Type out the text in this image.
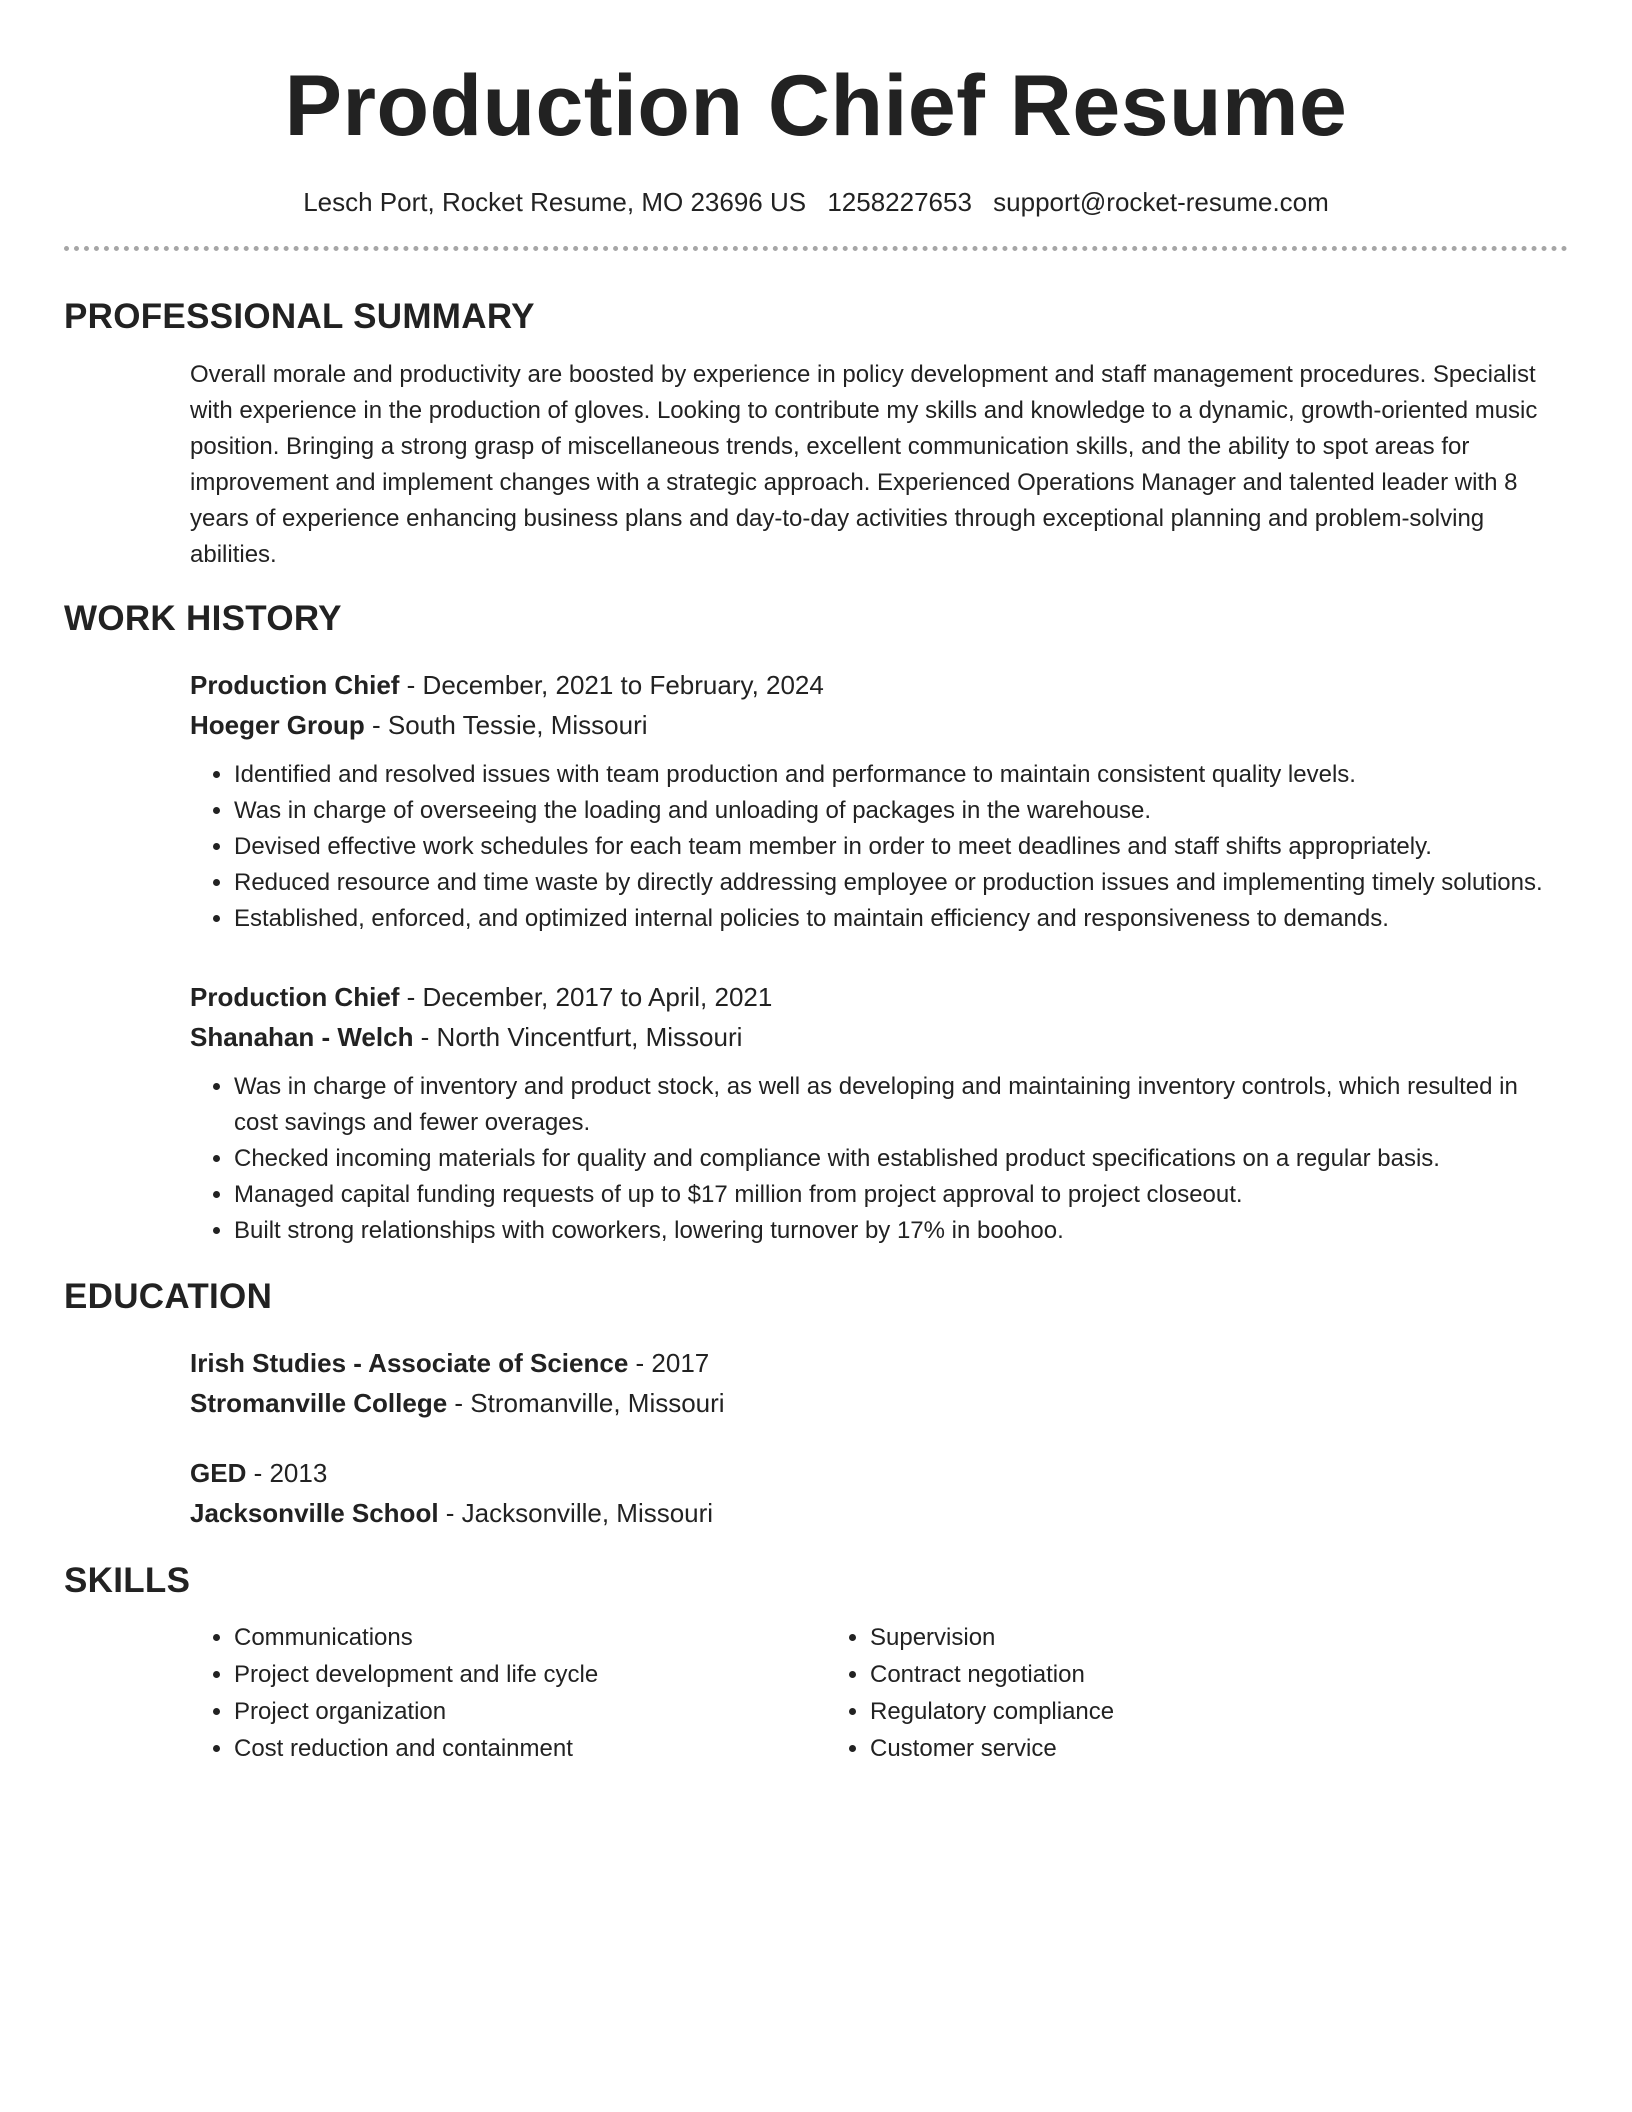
Production Chief Resume
Lesch Port, Rocket Resume, MO 23696 US 1258227653 support@rocket-resume.com
PROFESSIONAL SUMMARY

Overall morale and productivity are boosted by experience in policy development and staff management procedures. Specialist with experience in the production of gloves. Looking to contribute my skills and knowledge to a dynamic, growth-oriented music position. Bringing a strong grasp of miscellaneous trends, excellent communication skills, and the ability to spot areas for improvement and implement changes with a strategic approach. Experienced Operations Manager and talented leader with 8 years of experience enhancing business plans and day-to-day activities through exceptional planning and problem-solving abilities.

WORK HISTORY
Production Chief - December, 2021 to February, 2024
Hoeger Group - South Tessie, Missouri
• Identified and resolved issues with team production and performance to maintain consistent quality levels.
• Was in charge of overseeing the loading and unloading of packages in the warehouse.
• Devised effective work schedules for each team member in order to meet deadlines and staff shifts appropriately.
• Reduced resource and time waste by directly addressing employee or production issues and implementing timely solutions.
• Established, enforced, and optimized internal policies to maintain efficiency and responsiveness to demands.
Production Chief - December, 2017 to April, 2021
Shanahan - Welch - North Vincentfurt, Missouri
• Was in charge of inventory and product stock, as well as developing and maintaining inventory controls, which resulted in cost savings and fewer overages.
• Checked incoming materials for quality and compliance with established product specifications on a regular basis.
• Managed capital funding requests of up to $17 million from project approval to project closeout.
• Built strong relationships with coworkers, lowering turnover by 17% in boohoo.
EDUCATION
Irish Studies - Associate of Science - 2017
Stromanville College - Stromanville, Missouri
GED - 2013
Jacksonville School - Jacksonville, Missouri
SKILLS
• Communications
• Project development and life cycle
• Project organization
• Cost reduction and containment
• Supervision
• Contract negotiation
• Regulatory compliance
• Customer service
